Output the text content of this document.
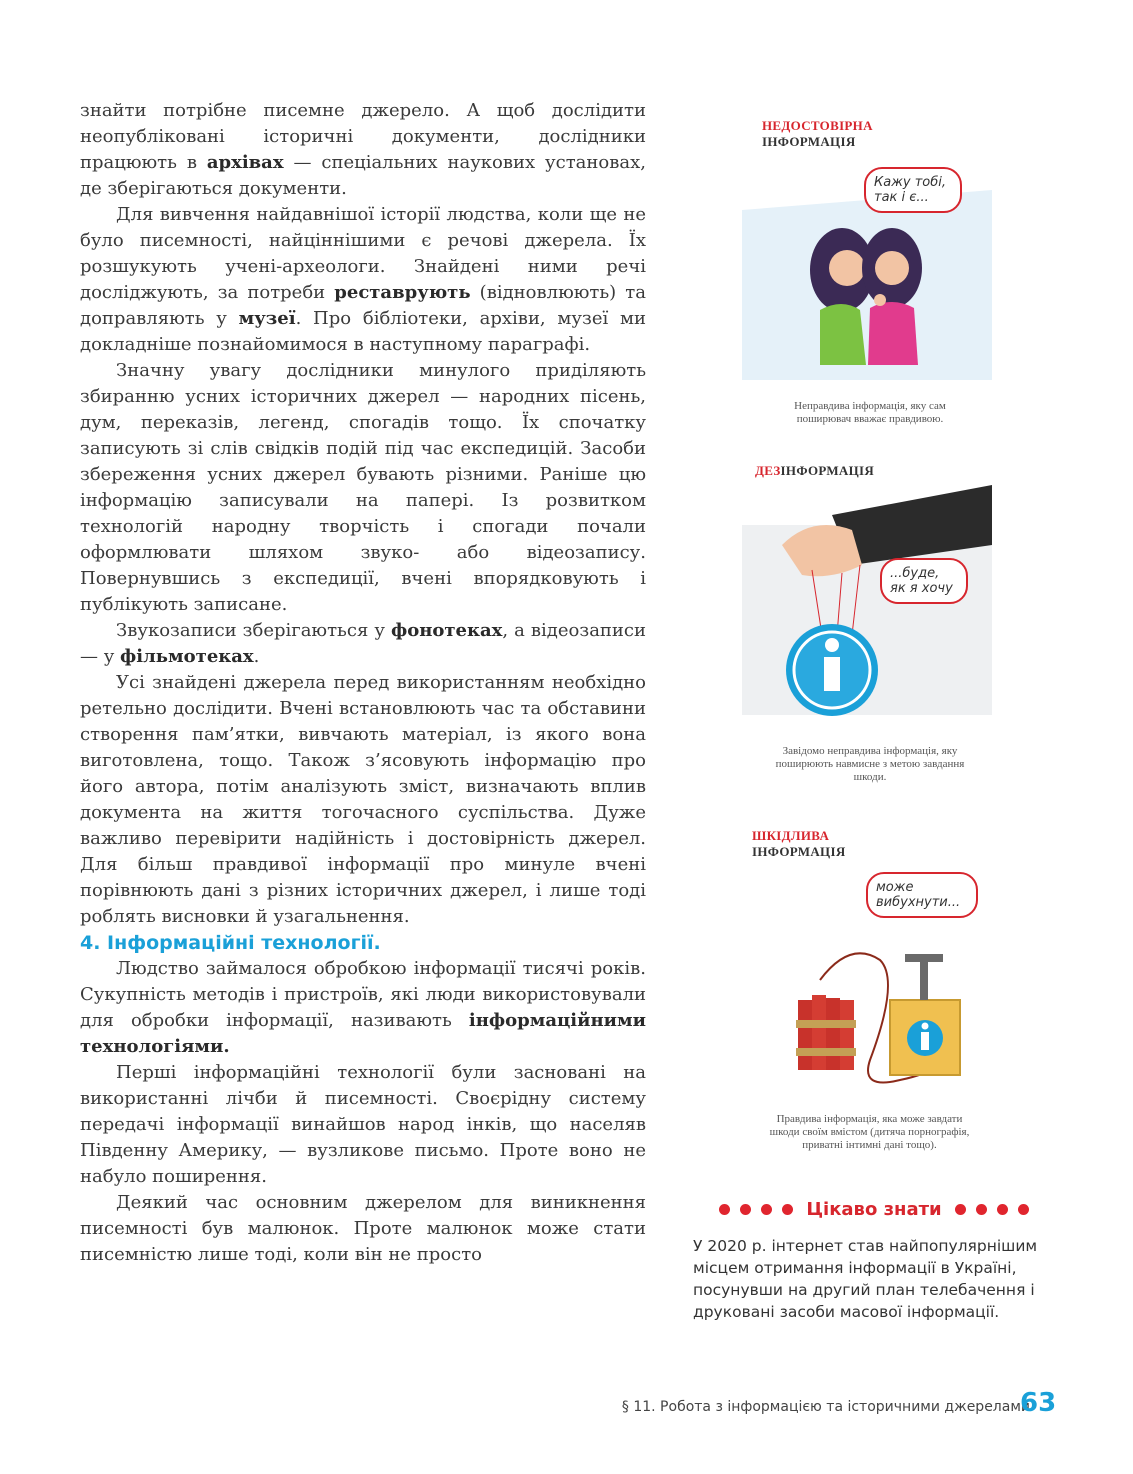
знайти потрібне писемне джерело. А щоб дослідити неопубліковані історичні документи, дослідники працюють в архівах — спеціальних наукових установах, де зберігаються документи.

Для вивчення найдавнішої історії людства, коли ще не було писемності, найціннішими є речові джерела. Їх розшукують учені-археологи. Знайдені ними речі досліджують, за потреби реставрують (відновлюють) та доправляють у музеї. Про бібліотеки, архіви, музеї ми докладніше познайомимося в наступному параграфі.

Значну увагу дослідники минулого приділяють збиранню усних історичних джерел — народних пісень, дум, переказів, легенд, спогадів тощо. Їх спочатку записують зі слів свідків подій під час експедицій. Засоби збереження усних джерел бувають різними. Раніше цю інформацію записували на папері. Із розвитком технологій народну творчість і спогади почали оформлювати шляхом звуко- або відеозапису. Повернувшись з експедиції, вчені впорядковують і публікують записане.

Звукозаписи зберігаються у фонотеках, а відеозаписи — у фільмотеках.

Усі знайдені джерела перед використанням необхідно ретельно дослідити. Вчені встановлюють час та обставини створення пам’ятки, вивчають матеріал, із якого вона виготовлена, тощо. Також з’ясовують інформацію про його автора, потім аналізують зміст, визначають вплив документа на життя тогочасного суспільства. Дуже важливо перевірити надійність і достовірність джерел. Для більш правдивої інформації про минуле вчені порівнюють дані з різних історичних джерел, і лише тоді роблять висновки й узагальнення.

4. Інформаційні технології.

Людство займалося обробкою інформації тисячі років. Сукупність методів і пристроїв, які люди використовували для обробки інформації, називають інформаційними технологіями.

Перші інформаційні технології були засновані на використанні лічби й писемності. Своєрідну систему передачі інформації винайшов народ інків, що населяв Південну Америку, — вузликове письмо. Проте воно не набуло поширення.

Деякий час основним джерелом для виникнення писемності був малюнок. Проте малюнок може стати писемністю лише тоді, коли він не просто

НЕДОСТОВІРНА
ІНФОРМАЦІЯ
Кажу тобі, так і є...
Неправдива інформація, яку сам поширювач вважає правдивою.
ДЕЗІНФОРМАЦІЯ
...буде, як я хочу
Завідомо неправдива інформація, яку поширюють навмисне з метою завдання шкоди.
ШКІДЛИВА
ІНФОРМАЦІЯ
може вибухнути...
Правдива інформація, яка може завдати шкоди своїм вмістом (дитяча порнографія, приватні інтимні дані тощо).
Цікаво знати
У 2020 р. інтернет став найпопулярнішим місцем отримання інформації в Україні, посунувши на другий план телебачення і друковані засоби масової інформації.
§ 11. Робота з інформацією та історичними джерелами
63
